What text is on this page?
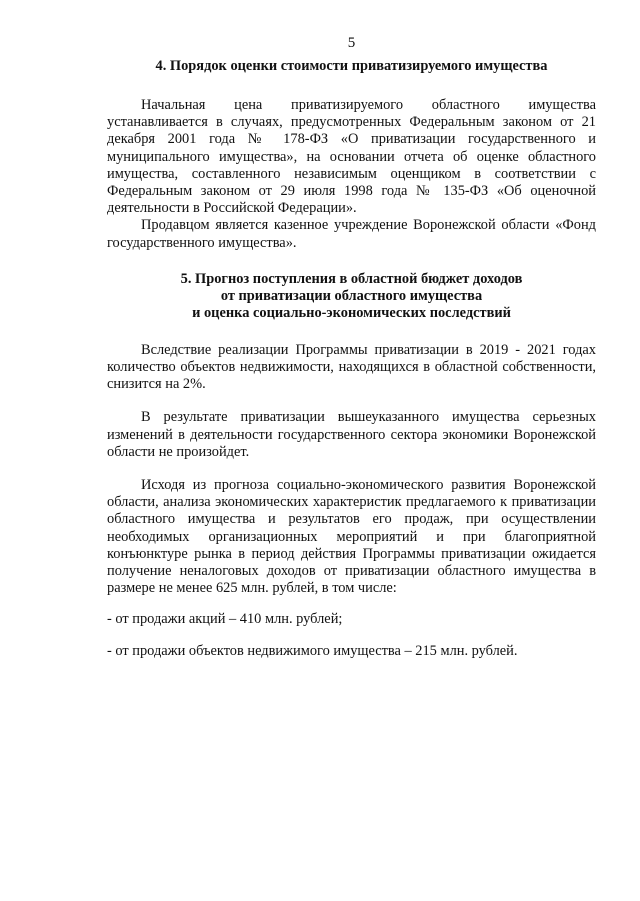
5
4. Порядок оценки стоимости приватизируемого имущества

Начальная цена приватизируемого областного имущества устанавливается в случаях, предусмотренных Федеральным законом от 21 декабря 2001 года № 178-ФЗ «О приватизации государственного и муниципального имущества», на основании отчета об оценке областного имущества, составленного независимым оценщиком в соответствии с Федеральным законом от 29 июля 1998 года № 135-ФЗ «Об оценочной деятельности в Российской Федерации».

Продавцом является казенное учреждение Воронежской области «Фонд государственного имущества».

5. Прогноз поступления в областной бюджет доходов
от приватизации областного имущества
и оценка социально-экономических последствий

Вследствие реализации Программы приватизации в 2019 - 2021 годах количество объектов недвижимости, находящихся в областной собственности, снизится на 2%.

В результате приватизации вышеуказанного имущества серьезных изменений в деятельности государственного сектора экономики Воронежской области не произойдет.

Исходя из прогноза социально-экономического развития Воронежской области, анализа экономических характеристик предлагаемого к приватизации областного имущества и результатов его продаж, при осуществлении необходимых организационных мероприятий и при благоприятной конъюнктуре рынка в период действия Программы приватизации ожидается получение неналоговых доходов от приватизации областного имущества в размере не менее 625 млн. рублей, в том числе:

- от продажи акций – 410 млн. рублей;

- от продажи объектов недвижимого имущества – 215 млн. рублей.
